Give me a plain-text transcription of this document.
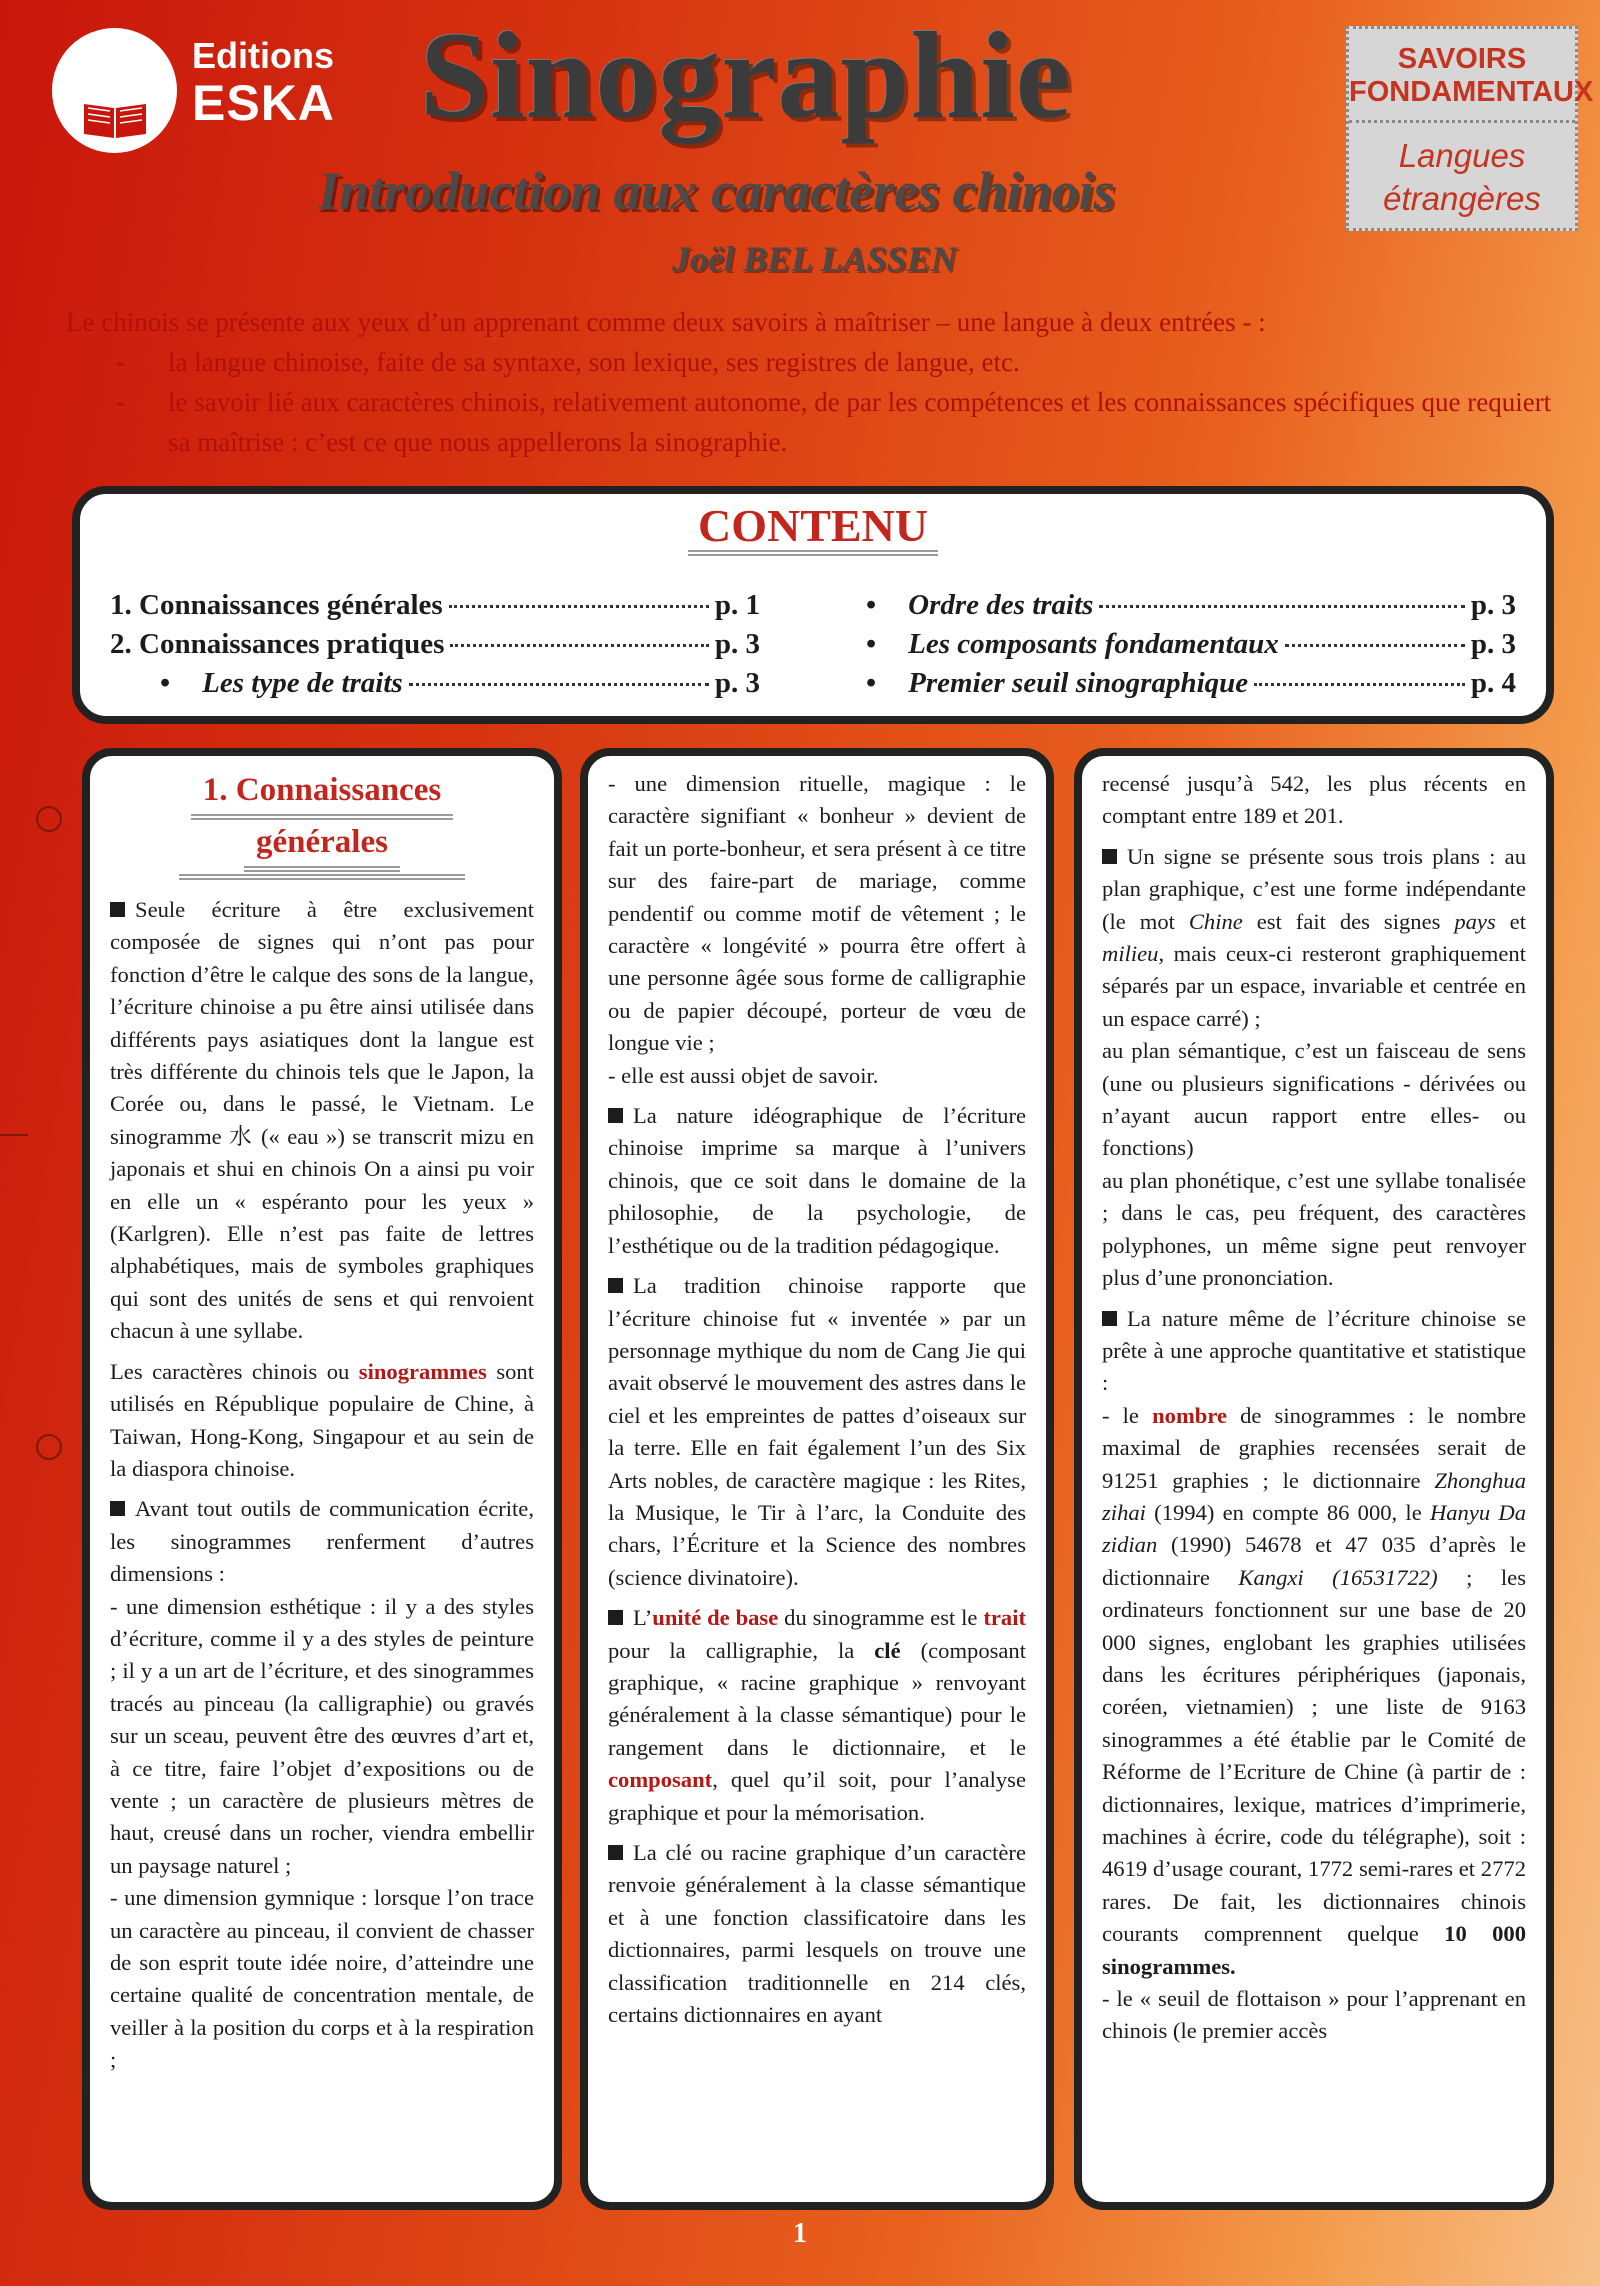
Editions
ESKA Sinographie
Introduction aux caractères chinois
Joël BEL LASSEN
SAVOIRS
FONDAMENTAUX
Langues
étrangères

Le chinois se présente aux yeux d’un apprenant comme deux savoirs à maîtriser – une langue à deux entrées - :

- la langue chinoise, faite de sa syntaxe, son lexique, ses registres de langue, etc.
- le savoir lié aux caractères chinois, relativement autonome, de par les compétences et les connaissances spécifiques que requiert sa maîtrise : c’est ce que nous appellerons la sinographie.
CONTENU
1. Connaissances générales	p. 1
2. Connaissances pratiques	p. 3
• Les type de traits	p. 3
• Ordre des traits	p. 3
• Les composants fondamentaux	p. 3
• Premier seuil sinographique	p. 4
1. Connaissances
générales

Seule écriture à être exclusivement composée de signes qui n’ont pas pour fonction d’être le calque des sons de la langue, l’écriture chinoise a pu être ainsi utilisée dans différents pays asiatiques dont la langue est très différente du chinois tels que le Japon, la Corée ou, dans le passé, le Vietnam. Le sinogramme 水 (« eau ») se transcrit mizu en japonais et shui en chinois On a ainsi pu voir en elle un « espéranto pour les yeux » (Karlgren). Elle n’est pas faite de lettres alphabétiques, mais de symboles graphiques qui sont des unités de sens et qui renvoient chacun à une syllabe.

Les caractères chinois ou sinogrammes sont utilisés en République populaire de Chine, à Taiwan, Hong-Kong, Singapour et au sein de la diaspora chinoise.

Avant tout outils de communication écrite, les sinogrammes renferment d’autres dimensions :

- une dimension esthétique : il y a des styles d’écriture, comme il y a des styles de peinture ; il y a un art de l’écriture, et des sinogrammes tracés au pinceau (la calligraphie) ou gravés sur un sceau, peuvent être des œuvres d’art et, à ce titre, faire l’objet d’expositions ou de vente ; un caractère de plusieurs mètres de haut, creusé dans un rocher, viendra embellir un paysage naturel ;

- une dimension gymnique : lorsque l’on trace un caractère au pinceau, il convient de chasser de son esprit toute idée noire, d’atteindre une certaine qualité de concentration mentale, de veiller à la position du corps et à la respiration ;

- une dimension rituelle, magique : le caractère signifiant « bonheur » devient de fait un porte-bonheur, et sera présent à ce titre sur des faire-part de mariage, comme pendentif ou comme motif de vêtement ; le caractère « longévité » pourra être offert à une personne âgée sous forme de calligraphie ou de papier découpé, porteur de vœu de longue vie ;

- elle est aussi objet de savoir.

La nature idéographique de l’écriture chinoise imprime sa marque à l’univers chinois, que ce soit dans le domaine de la philosophie, de la psychologie, de l’esthétique ou de la tradition pédagogique.

La tradition chinoise rapporte que l’écriture chinoise fut « inventée » par un personnage mythique du nom de Cang Jie qui avait observé le mouvement des astres dans le ciel et les empreintes de pattes d’oiseaux sur la terre. Elle en fait également l’un des Six Arts nobles, de caractère magique : les Rites, la Musique, le Tir à l’arc, la Conduite des chars, l’Écriture et la Science des nombres (science divinatoire).

L’unité de base du sinogramme est le trait pour la calligraphie, la clé (composant graphique, « racine graphique » renvoyant généralement à la classe sémantique) pour le rangement dans le dictionnaire, et le composant, quel qu’il soit, pour l’analyse graphique et pour la mémorisation.

La clé ou racine graphique d’un caractère renvoie généralement à la classe sémantique et à une fonction classificatoire dans les dictionnaires, parmi lesquels on trouve une classification traditionnelle en 214 clés, certains dictionnaires en ayant

recensé jusqu’à 542, les plus récents en comptant entre 189 et 201.

Un signe se présente sous trois plans : au plan graphique, c’est une forme indépendante (le mot Chine est fait des signes pays et milieu, mais ceux-ci resteront graphiquement séparés par un espace, invariable et centrée en un espace carré) ;

au plan sémantique, c’est un faisceau de sens (une ou plusieurs significations - dérivées ou n’ayant aucun rapport entre elles- ou fonctions)

au plan phonétique, c’est une syllabe tonalisée ; dans le cas, peu fréquent, des caractères polyphones, un même signe peut renvoyer plus d’une prononciation.

La nature même de l’écriture chinoise se prête à une approche quantitative et statistique :

- le nombre de sinogrammes : le nombre maximal de graphies recensées serait de 91251 graphies ; le dictionnaire Zhonghua zihai (1994) en compte 86 000, le Hanyu Da zidian (1990) 54678 et 47 035 d’après le dictionnaire Kangxi (16531722) ; les ordinateurs fonctionnent sur une base de 20 000 signes, englobant les graphies utilisées dans les écritures périphériques (japonais, coréen, vietnamien) ; une liste de 9163 sinogrammes a été établie par le Comité de Réforme de l’Ecriture de Chine (à partir de : dictionnaires, lexique, matrices d’imprimerie, machines à écrire, code du télégraphe), soit : 4619 d’usage courant, 1772 semi-rares et 2772 rares. De fait, les dictionnaires chinois courants comprennent quelque 10 000 sinogrammes.

- le « seuil de flottaison » pour l’apprenant en chinois (le premier accès

1
